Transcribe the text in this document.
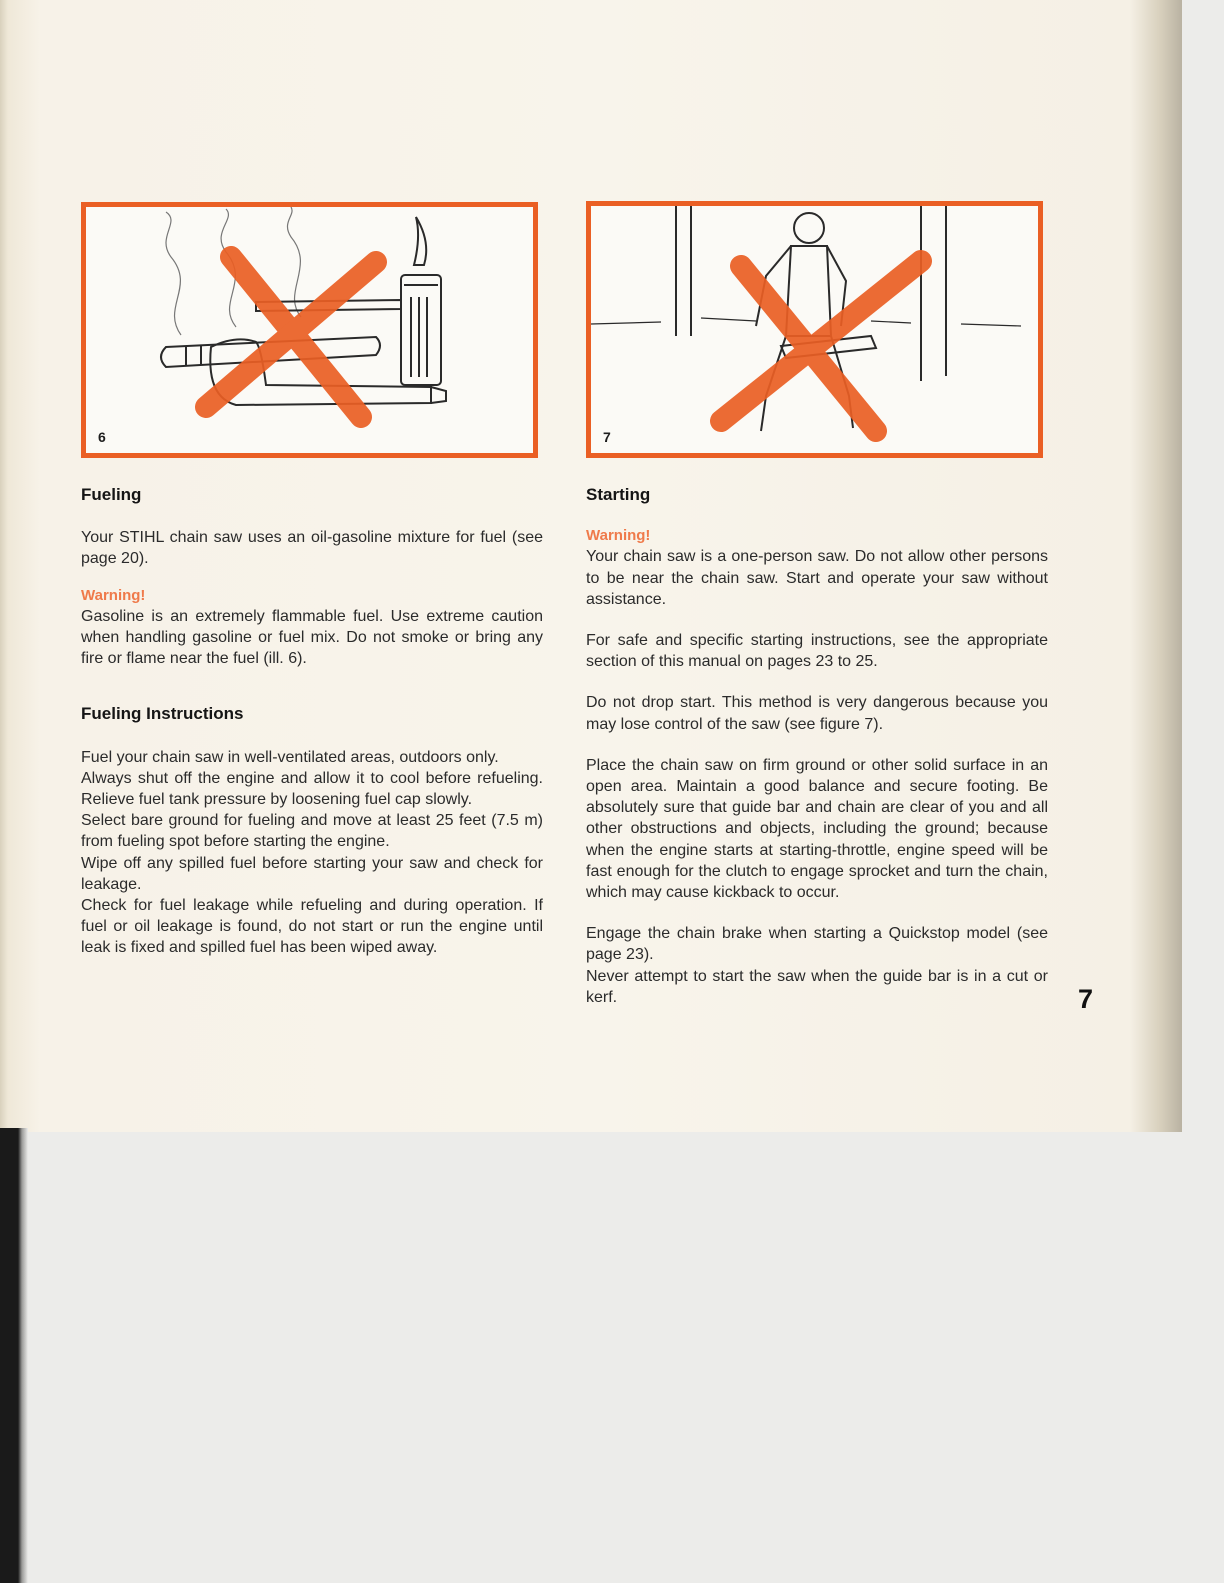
6	7

Fueling

Your STIHL chain saw uses an oil-gasoline mixture for fuel (see page 20).

Warning!

Gasoline is an extremely flammable fuel. Use extreme caution when handling gasoline or fuel mix. Do not smoke or bring any fire or flame near the fuel (ill. 6).

Fueling Instructions

Fuel your chain saw in well-ventilated areas, outdoors only.

Always shut off the engine and allow it to cool before refueling. Relieve fuel tank pressure by loosening fuel cap slowly.

Select bare ground for fueling and move at least 25 feet (7.5 m) from fueling spot before starting the engine.

Wipe off any spilled fuel before starting your saw and check for leakage.

Check for fuel leakage while refueling and during operation. If fuel or oil leakage is found, do not start or run the engine until leak is fixed and spilled fuel has been wiped away.

Starting

Warning!

Your chain saw is a one-person saw. Do not allow other persons to be near the chain saw. Start and operate your saw without assistance.

For safe and specific starting instructions, see the appropriate section of this manual on pages 23 to 25.

Do not drop start. This method is very dangerous because you may lose control of the saw (see figure 7).

Place the chain saw on firm ground or other solid surface in an open area. Maintain a good balance and secure footing. Be absolutely sure that guide bar and chain are clear of you and all other obstructions and objects, including the ground; because when the engine starts at starting-throttle, engine speed will be fast enough for the clutch to engage sprocket and turn the chain, which may cause kickback to occur.

Engage the chain brake when starting a Quickstop model (see page 23).

Never attempt to start the saw when the guide bar is in a cut or kerf.	7
